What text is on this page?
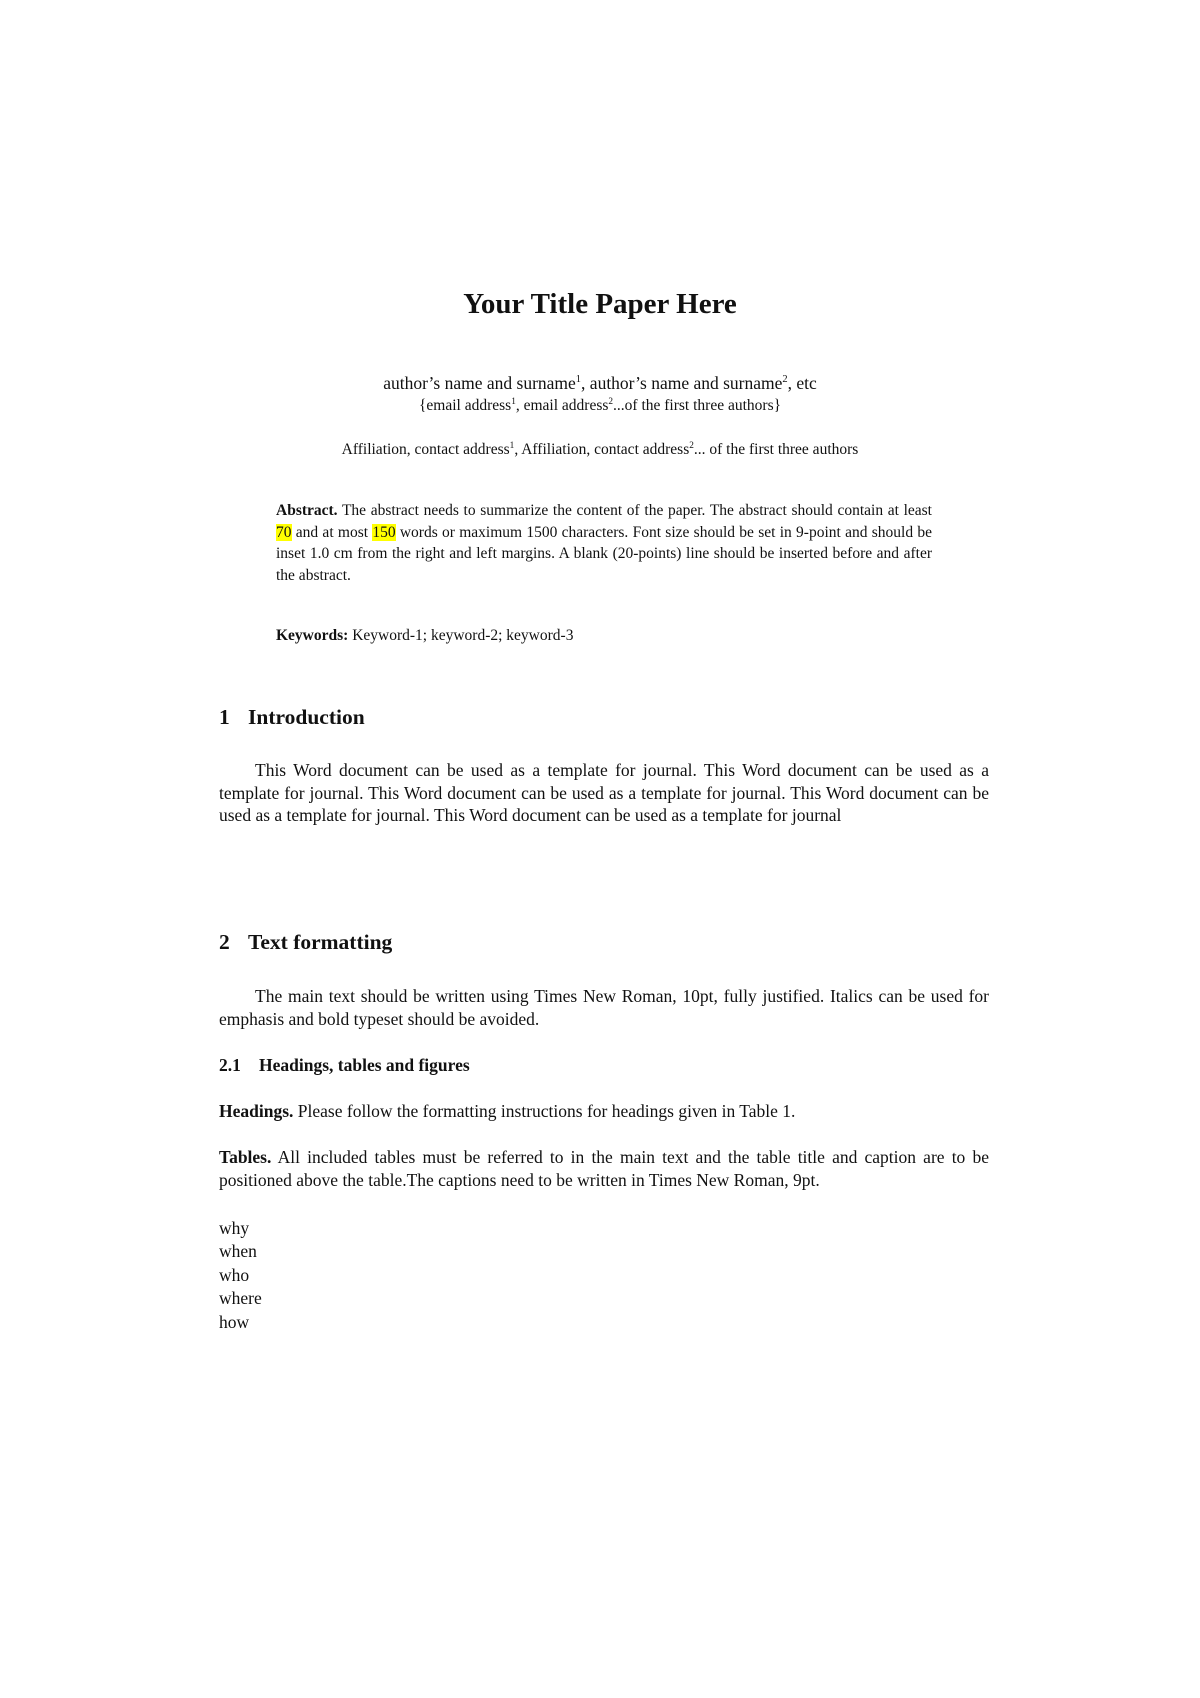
Your Title Paper Here
author’s name and surname$^1$, author’s name and surname$^2$, etc
{email address$^1$, email address$^2$...of the first three authors}
Affiliation, contact address$^1$, Affiliation, contact address$^2$... of the first three authors
Abstract. The abstract needs to summarize the content of the paper. The abstract should contain at least 70 and at most 150 words or maximum 1500 characters. Font size should be set in 9-point and should be inset 1.0 cm from the right and left margins. A blank (20-points) line should be inserted before and after the abstract.
Keywords: Keyword-1; keyword-2; keyword-3
1 Introduction
This Word document can be used as a template for journal. This Word document can be used as a template for journal. This Word document can be used as a template for journal. This Word document can be used as a template for journal. This Word document can be used as a template for journal
2 Text formatting
The main text should be written using Times New Roman, 10pt, fully justified. Italics can be used for emphasis and bold typeset should be avoided.
2.1 Headings, tables and figures
Headings. Please follow the formatting instructions for headings given in Table 1.
Tables. All included tables must be referred to in the main text and the table title and caption are to be positioned above the table.The captions need to be written in Times New Roman, 9pt.
why
when
who
where
how
